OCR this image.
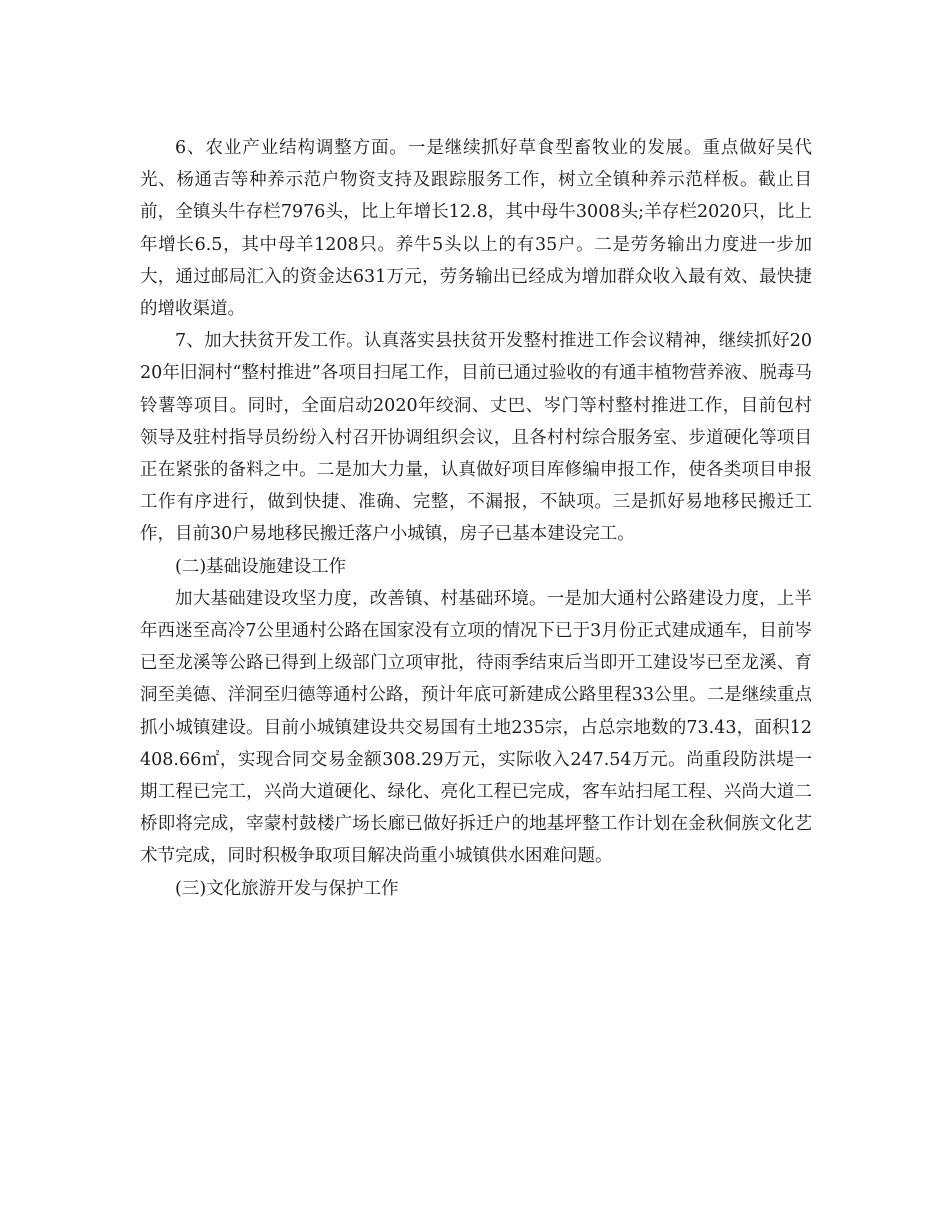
6、农业产业结构调整方面。一是继续抓好草食型畜牧业的发展。重点做好吴代光、杨通吉等种养示范户物资支持及跟踪服务工作，树立全镇种养示范样板。截止目前，全镇头牛存栏7976头，比上年增长12.8，其中母牛3008头;羊存栏2020只，比上年增长6.5，其中母羊1208只。养牛5头以上的有35户。二是劳务输出力度进一步加大，通过邮局汇入的资金达631万元，劳务输出已经成为增加群众收入最有效、最快捷的增收渠道。

7、加大扶贫开发工作。认真落实县扶贫开发整村推进工作会议精神，继续抓好2020年旧洞村“整村推进”各项目扫尾工作，目前已通过验收的有通丰植物营养液、脱毒马铃薯等项目。同时，全面启动2020年绞洞、丈巴、岑门等村整村推进工作，目前包村领导及驻村指导员纷纷入村召开协调组织会议，且各村村综合服务室、步道硬化等项目正在紧张的备料之中。二是加大力量，认真做好项目库修编申报工作，使各类项目申报工作有序进行，做到快捷、准确、完整，不漏报，不缺项。三是抓好易地移民搬迁工作，目前30户易地移民搬迁落户小城镇，房子已基本建设完工。

(二)基础设施建设工作

加大基础建设攻坚力度，改善镇、村基础环境。一是加大通村公路建设力度，上半年西迷至高冷7公里通村公路在国家没有立项的情况下已于3月份正式建成通车，目前岑已至龙溪等公路已得到上级部门立项审批，待雨季结束后当即开工建设岑已至龙溪、育洞至美德、洋洞至归德等通村公路，预计年底可新建成公路里程33公里。二是继续重点抓小城镇建设。目前小城镇建设共交易国有土地235宗，占总宗地数的73.43，面积12408.66㎡，实现合同交易金额308.29万元，实际收入247.54万元。尚重段防洪堤一期工程已完工，兴尚大道硬化、绿化、亮化工程已完成，客车站扫尾工程、兴尚大道二桥即将完成，宰蒙村鼓楼广场长廊已做好拆迁户的地基坪整工作计划在金秋侗族文化艺术节完成，同时积极争取项目解决尚重小城镇供水困难问题。

(三)文化旅游开发与保护工作
